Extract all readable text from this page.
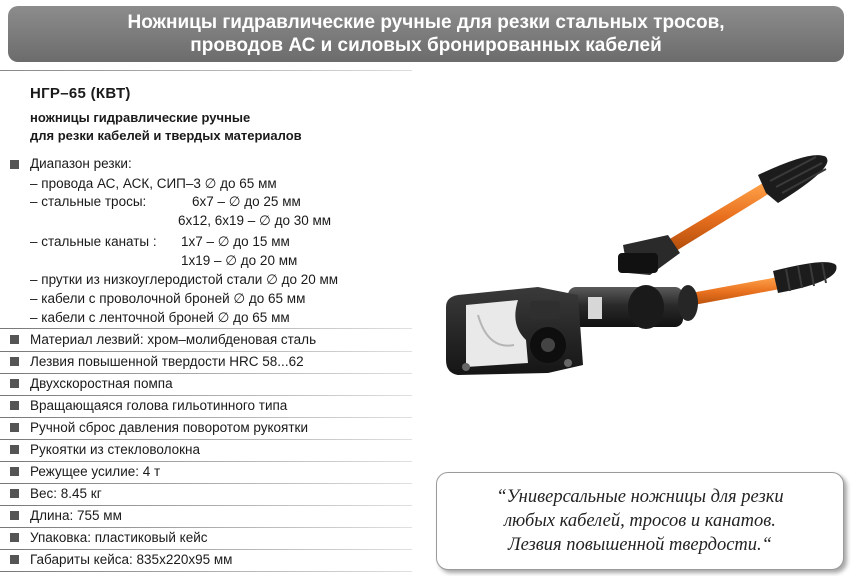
Ножницы гидравлические ручные для резки стальных тросов,
проводов АС и силовых бронированных кабелей
НГР–65 (КВТ)
ножницы гидравлические ручные
для резки кабелей и твердых материалов
Диапазон резки:
– провода АС, АСК, СИП–3 ∅ до 65 мм
– стальные тросы:	6х7 – ∅ до 25 мм
6х12, 6х19 – ∅ до 30 мм
– стальные канаты : 1х7 – ∅ до 15 мм
1х19 – ∅ до 20 мм
– прутки из низкоуглеродистой стали ∅ до 20 мм
– кабели с проволочной броней ∅ до 65 мм
– кабели с ленточной броней ∅ до 65 мм
Материал лезвий: хром–молибденовая сталь
Лезвия повышенной твердости HRC 58...62
Двухскоростная помпа
Вращающаяся голова гильотинного типа
Ручной сброс давления поворотом рукоятки
Рукоятки из стекловолокна
Режущее усилие: 4 т
Вес: 8.45 кг
Длина: 755 мм
Упаковка: пластиковый кейс
Габариты кейса: 835х220х95 мм
“Универсальные ножницы для резки
любых кабелей, тросов и канатов.
Лезвия повышенной твердости.“
